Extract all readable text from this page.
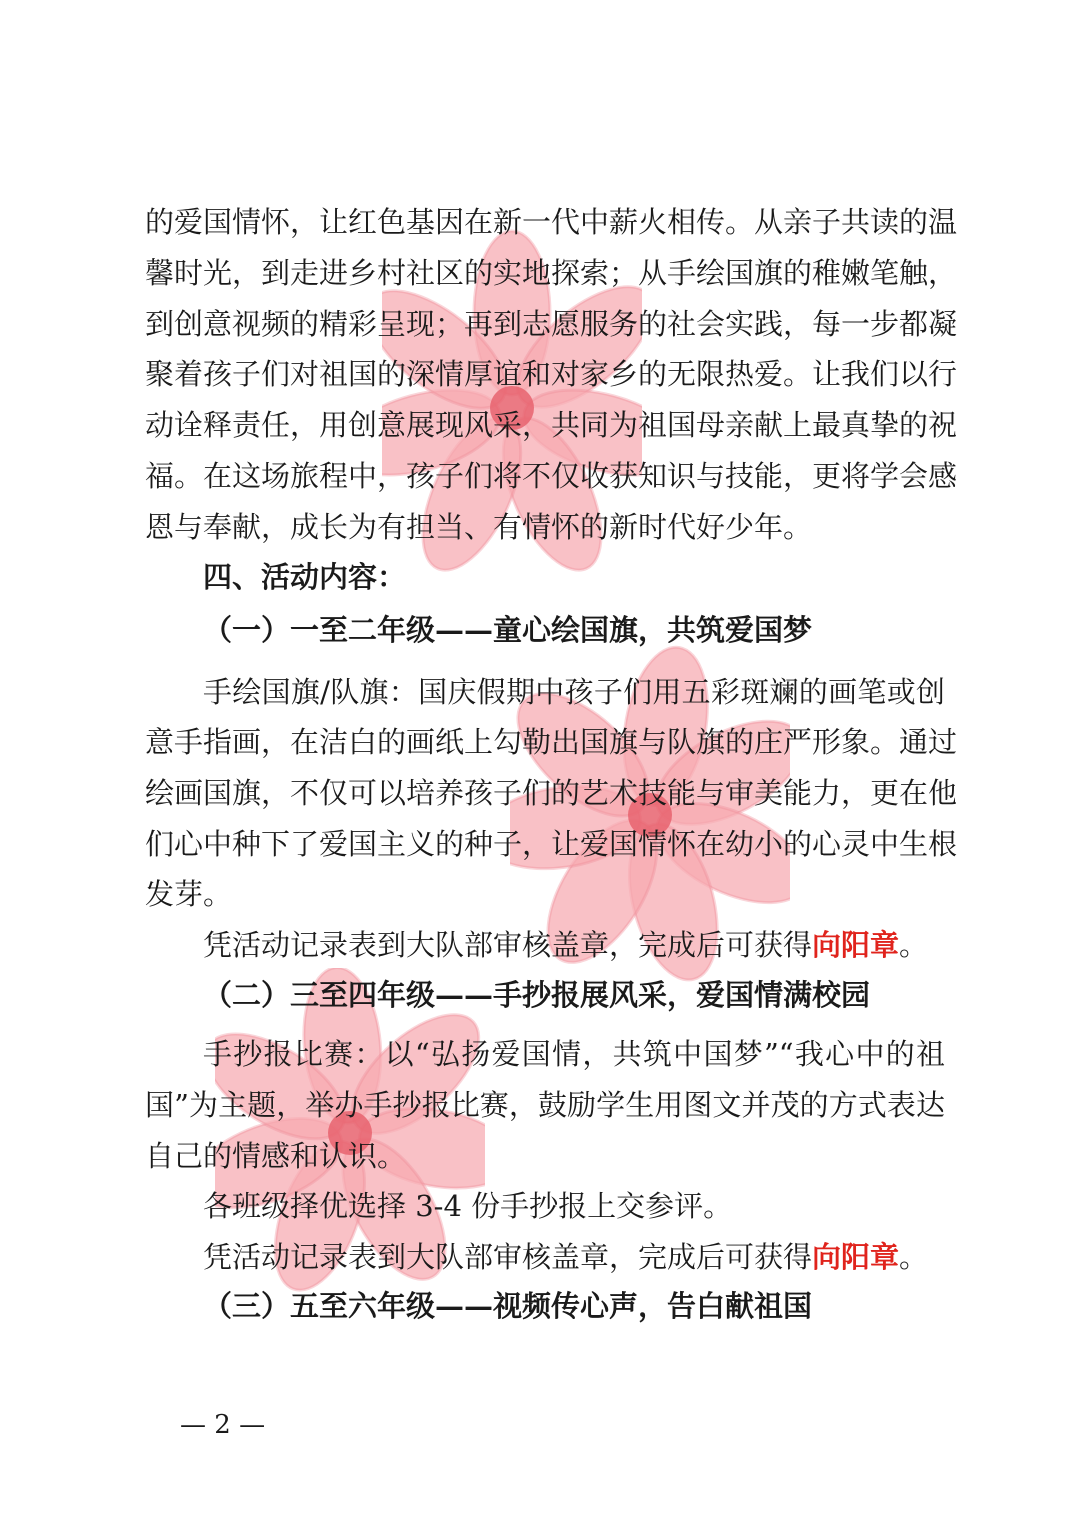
的爱国情怀，让红色基因在新一代中薪火相传。从亲子共读的温
馨时光，到走进乡村社区的实地探索；从手绘国旗的稚嫩笔触，
到创意视频的精彩呈现；再到志愿服务的社会实践，每一步都凝
聚着孩子们对祖国的深情厚谊和对家乡的无限热爱。让我们以行
动诠释责任，用创意展现风采，共同为祖国母亲献上最真挚的祝
福。在这场旅程中，孩子们将不仅收获知识与技能，更将学会感
恩与奉献，成长为有担当、有情怀的新时代好少年。
四、活动内容：
（一）一至二年级——童心绘国旗，共筑爱国梦
手绘国旗/队旗：国庆假期中孩子们用五彩斑斓的画笔或创
意手指画，在洁白的画纸上勾勒出国旗与队旗的庄严形象。通过
绘画国旗，不仅可以培养孩子们的艺术技能与审美能力，更在他
们心中种下了爱国主义的种子，让爱国情怀在幼小的心灵中生根
发芽。
凭活动记录表到大队部审核盖章，完成后可获得向阳章。
（二）三至四年级——手抄报展风采，爱国情满校园
手抄报比赛：以“弘扬爱国情，共筑中国梦”“我心中的祖
国”为主题，举办手抄报比赛，鼓励学生用图文并茂的方式表达
自己的情感和认识。
各班级择优选择 3-4 份手抄报上交参评。
凭活动记录表到大队部审核盖章，完成后可获得向阳章。
（三）五至六年级——视频传心声，告白献祖国
— 2 —
